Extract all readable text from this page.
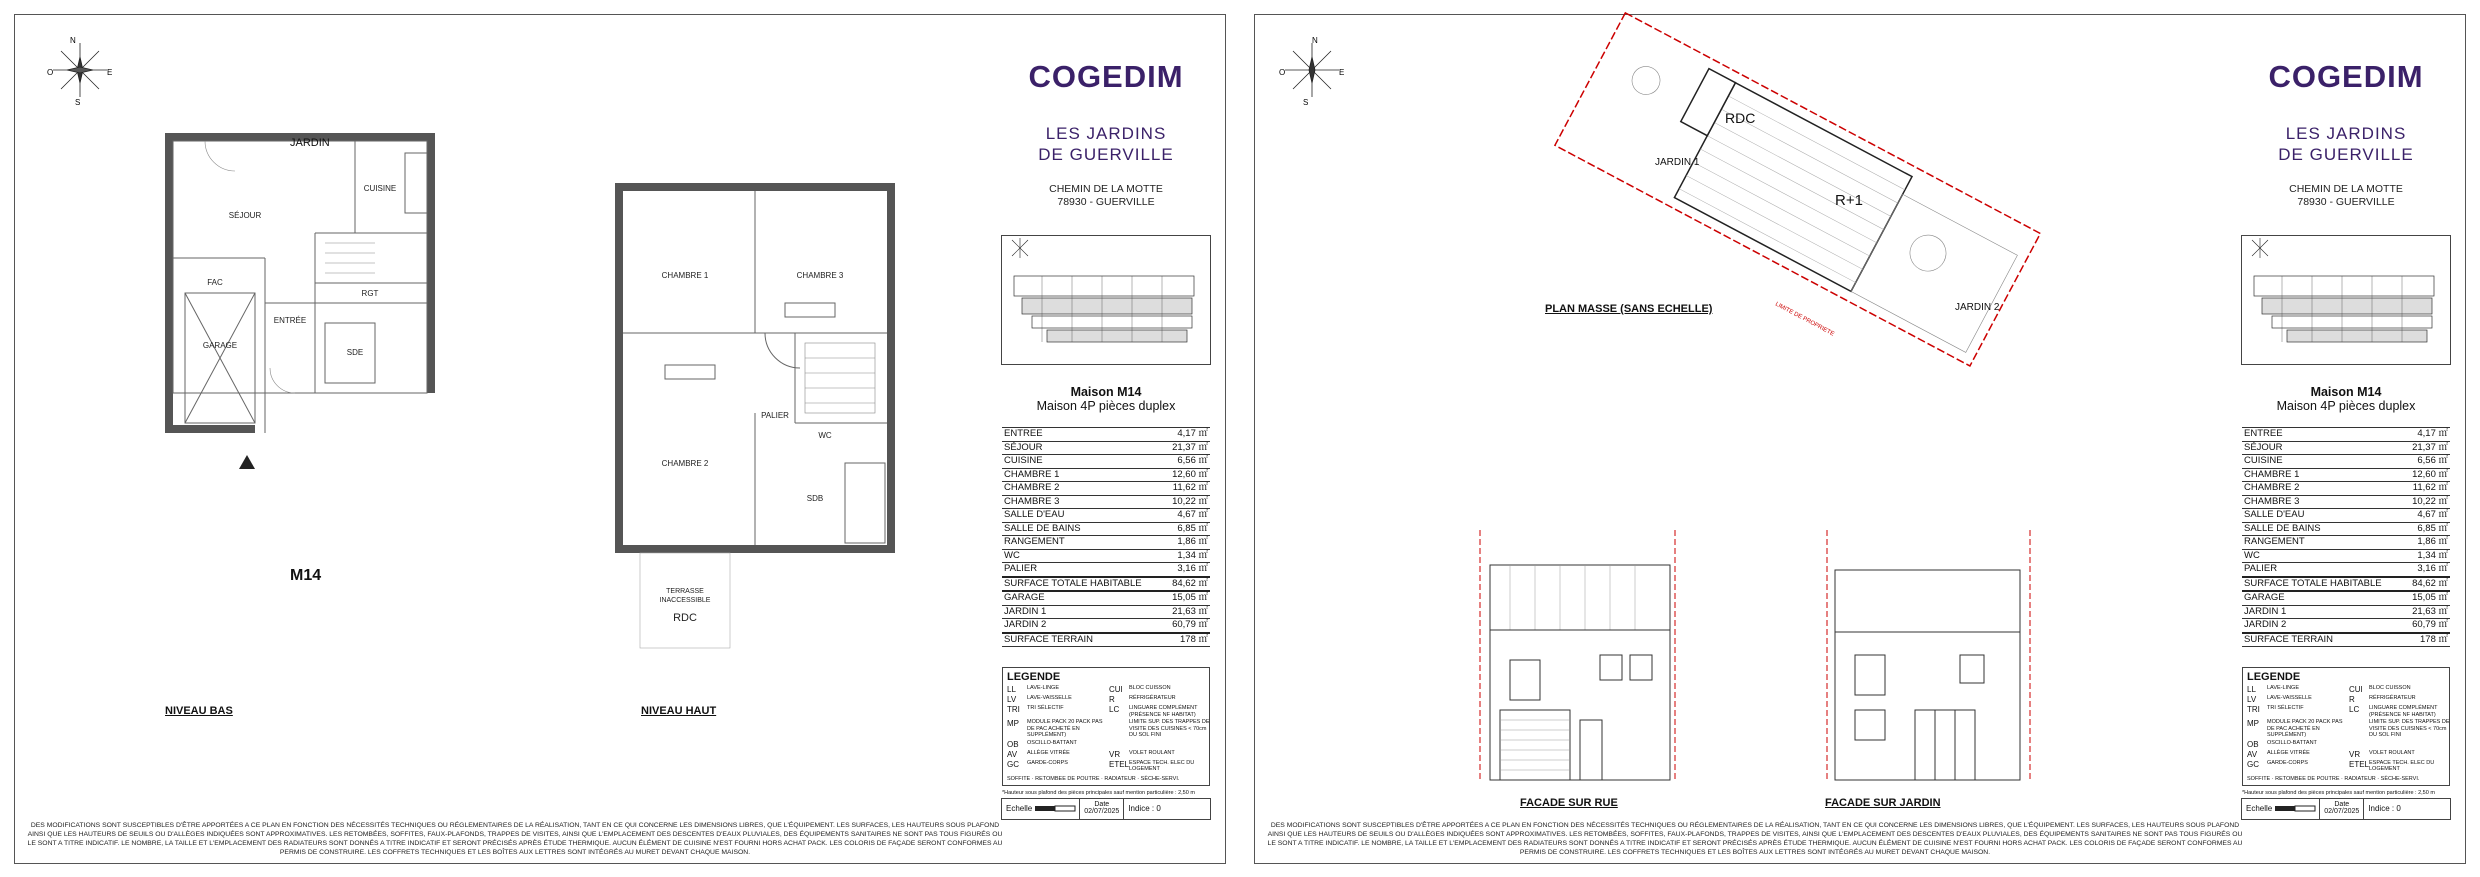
N
O	E
S
SÉJOUR
CUISINE
GARAGE
ENTRÉE
SDE
FAC
RGT
JARDIN
M14
NIVEAU BAS
CHAMBRE 1	CHAMBRE 3
CHAMBRE 2
PALIER
WC
SDB
TERRASSE
INACCESSIBLE
RDC
NIVEAU HAUT
COGEDIM
LES JARDINS
DE GUERVILLE
CHEMIN DE LA MOTTE
78930 - GUERVILLE
Maison M14
Maison 4P pièces duplex
ENTREE	4,17 ㎡
SÉJOUR	21,37 ㎡
CUISINE	6,56 ㎡
CHAMBRE 1	12,60 ㎡
CHAMBRE 2	11,62 ㎡
CHAMBRE 3	10,22 ㎡
SALLE D'EAU	4,67 ㎡
SALLE DE BAINS	6,85 ㎡
RANGEMENT	1,86 ㎡
WC	1,34 ㎡
PALIER	3,16 ㎡
SURFACE TOTALE HABITABLE	84,62 ㎡
GARAGE	15,05 ㎡
JARDIN 1	21,63 ㎡
JARDIN 2	60,79 ㎡
SURFACE TERRAIN	178 ㎡
LEGENDE
LL	LAVE-LINGE	CUI	BLOC CUISSON
LV	LAVE-VAISSELLE	R	RÉFRIGÉRATEUR
TRI	TRI SÉLECTIF	LC	LINGUARE COMPLÉMENT (PRÉSENCE NF HABITAT)
MP	MODULE PACK 20 PACK PAS DE PAC ACHETÉ EN SUPPLÉMENT)
LIMITE SUP. DES TRAPPES DE VISITE DES CUISINES < 70cm DU SOL FINI
OB	OSCILLO-BATTANT
AV	ALLÈGE VITRÉE	VR	VOLET ROULANT
GC	GARDE-CORPS	ETEL ESPACE TECH. ELEC DU LOGEMENT
SOFFITE · RETOMBEE DE POUTRE · RADIATEUR · SÈCHE-SERVI.
*Hauteur sous plafond des pièces principales sauf mention particulière : 2,50 m
Echelle	Date
02/07/2025	Indice : 0
DES MODIFICATIONS SONT SUSCEPTIBLES D'ÊTRE APPORTÉES A CE PLAN EN FONCTION DES NÉCESSITÉS TECHNIQUES OU RÉGLEMENTAIRES DE LA RÉALISATION, TANT EN CE QUI CONCERNE LES DIMENSIONS LIBRES, QUE L'ÉQUIPEMENT. LES SURFACES, LES HAUTEURS SOUS PLAFOND AINSI QUE LES HAUTEURS DE SEUILS OU D'ALLÈGES INDIQUÉES SONT APPROXIMATIVES. LES RETOMBÉES, SOFFITES, FAUX-PLAFONDS, TRAPPES DE VISITES, AINSI QUE L'EMPLACEMENT DES DESCENTES D'EAUX PLUVIALES, DES ÉQUIPEMENTS SANITAIRES NE SONT PAS TOUS FIGURÉS OU LE SONT A TITRE INDICATIF. LE NOMBRE, LA TAILLE ET L'EMPLACEMENT DES RADIATEURS SONT DONNÉS A TITRE INDICATIF ET SERONT PRÉCISÉS APRÈS ÉTUDE THERMIQUE. AUCUN ÉLÉMENT DE CUISINE N'EST FOURNI HORS ACHAT PACK. LES COLORIS DE FAÇADE SERONT CONFORMES AU PERMIS DE CONSTRUIRE. LES COFFRETS TECHNIQUES ET LES BOÎTES AUX LETTRES SONT INTÉGRÉS AU MURET DEVANT CHAQUE MAISON.
N
O	E
S
RDC
R+1
JARDIN 1
JARDIN 2
LIMITE DE PROPRIETE
PLAN MASSE (SANS ECHELLE)
FACADE SUR RUE	FACADE SUR JARDIN
COGEDIM
LES JARDINS
DE GUERVILLE
CHEMIN DE LA MOTTE
78930 - GUERVILLE
Maison M14
Maison 4P pièces duplex
ENTREE	4,17 ㎡
SÉJOUR	21,37 ㎡
CUISINE	6,56 ㎡
CHAMBRE 1	12,60 ㎡
CHAMBRE 2	11,62 ㎡
CHAMBRE 3	10,22 ㎡
SALLE D'EAU	4,67 ㎡
SALLE DE BAINS	6,85 ㎡
RANGEMENT	1,86 ㎡
WC	1,34 ㎡
PALIER	3,16 ㎡
SURFACE TOTALE HABITABLE	84,62 ㎡
GARAGE	15,05 ㎡
JARDIN 1	21,63 ㎡
JARDIN 2	60,79 ㎡
SURFACE TERRAIN	178 ㎡
LEGENDE
LL	LAVE-LINGE	CUI	BLOC CUISSON
LV	LAVE-VAISSELLE	R	RÉFRIGÉRATEUR
TRI	TRI SÉLECTIF	LC	LINGUARE COMPLÉMENT (PRÉSENCE NF HABITAT)
MP	MODULE PACK 20 PACK PAS DE PAC ACHETÉ EN SUPPLÉMENT)
LIMITE SUP. DES TRAPPES DE VISITE DES CUISINES < 70cm DU SOL FINI
OB	OSCILLO-BATTANT
AV	ALLÈGE VITRÉE	VR	VOLET ROULANT
GC	GARDE-CORPS	ETEL ESPACE TECH. ELEC DU LOGEMENT
SOFFITE · RETOMBEE DE POUTRE · RADIATEUR · SÈCHE-SERVI.
*Hauteur sous plafond des pièces principales sauf mention particulière : 2,50 m
Echelle	Date
02/07/2025	Indice : 0
DES MODIFICATIONS SONT SUSCEPTIBLES D'ÊTRE APPORTÉES A CE PLAN EN FONCTION DES NÉCESSITÉS TECHNIQUES OU RÉGLEMENTAIRES DE LA RÉALISATION, TANT EN CE QUI CONCERNE LES DIMENSIONS LIBRES, QUE L'ÉQUIPEMENT. LES SURFACES, LES HAUTEURS SOUS PLAFOND AINSI QUE LES HAUTEURS DE SEUILS OU D'ALLÈGES INDIQUÉES SONT APPROXIMATIVES. LES RETOMBÉES, SOFFITES, FAUX-PLAFONDS, TRAPPES DE VISITES, AINSI QUE L'EMPLACEMENT DES DESCENTES D'EAUX PLUVIALES, DES ÉQUIPEMENTS SANITAIRES NE SONT PAS TOUS FIGURÉS OU LE SONT A TITRE INDICATIF. LE NOMBRE, LA TAILLE ET L'EMPLACEMENT DES RADIATEURS SONT DONNÉS A TITRE INDICATIF ET SERONT PRÉCISÉS APRÈS ÉTUDE THERMIQUE. AUCUN ÉLÉMENT DE CUISINE N'EST FOURNI HORS ACHAT PACK. LES COLORIS DE FAÇADE SERONT CONFORMES AU PERMIS DE CONSTRUIRE. LES COFFRETS TECHNIQUES ET LES BOÎTES AUX LETTRES SONT INTÉGRÉS AU MURET DEVANT CHAQUE MAISON.
